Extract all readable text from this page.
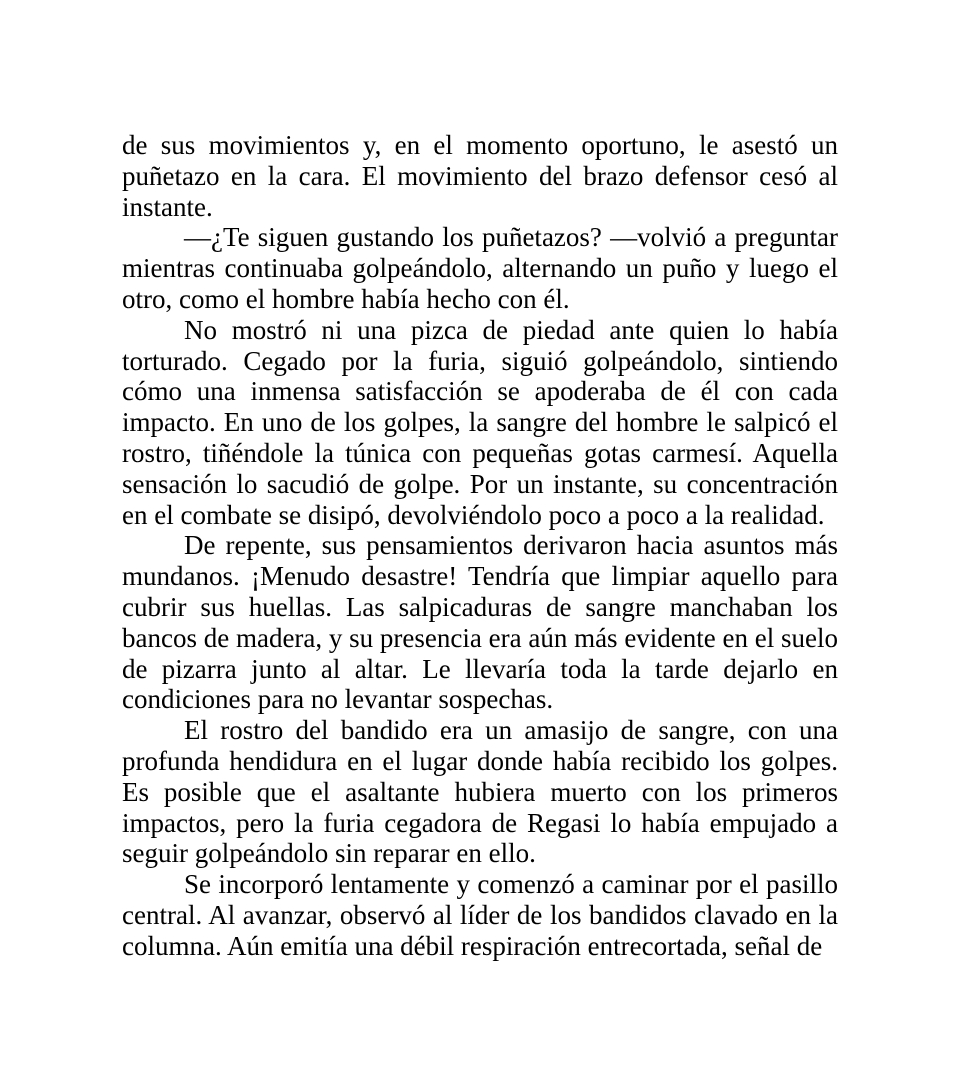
de sus movimientos y, en el momento oportuno, le asestó un puñetazo en la cara. El movimiento del brazo defensor cesó al instante.

—¿Te siguen gustando los puñetazos? —volvió a preguntar mientras continuaba golpeándolo, alternando un puño y luego el otro, como el hombre había hecho con él.

No mostró ni una pizca de piedad ante quien lo había torturado. Cegado por la furia, siguió golpeándolo, sintiendo cómo una inmensa satisfacción se apoderaba de él con cada impacto. En uno de los golpes, la sangre del hombre le salpicó el rostro, tiñéndole la túnica con pequeñas gotas carmesí. Aquella sensación lo sacudió de golpe. Por un instante, su concentración en el combate se disipó, devolviéndolo poco a poco a la realidad.

De repente, sus pensamientos derivaron hacia asuntos más mundanos. ¡Menudo desastre! Tendría que limpiar aquello para cubrir sus huellas. Las salpicaduras de sangre manchaban los bancos de madera, y su presencia era aún más evidente en el suelo de pizarra junto al altar. Le llevaría toda la tarde dejarlo en condiciones para no levantar sospechas.

El rostro del bandido era un amasijo de sangre, con una profunda hendidura en el lugar donde había recibido los golpes. Es posible que el asaltante hubiera muerto con los primeros impactos, pero la furia cegadora de Regasi lo había empujado a seguir golpeándolo sin reparar en ello.

Se incorporó lentamente y comenzó a caminar por el pasillo central. Al avanzar, observó al líder de los bandidos clavado en la columna. Aún emitía una débil respiración entrecortada, señal de
